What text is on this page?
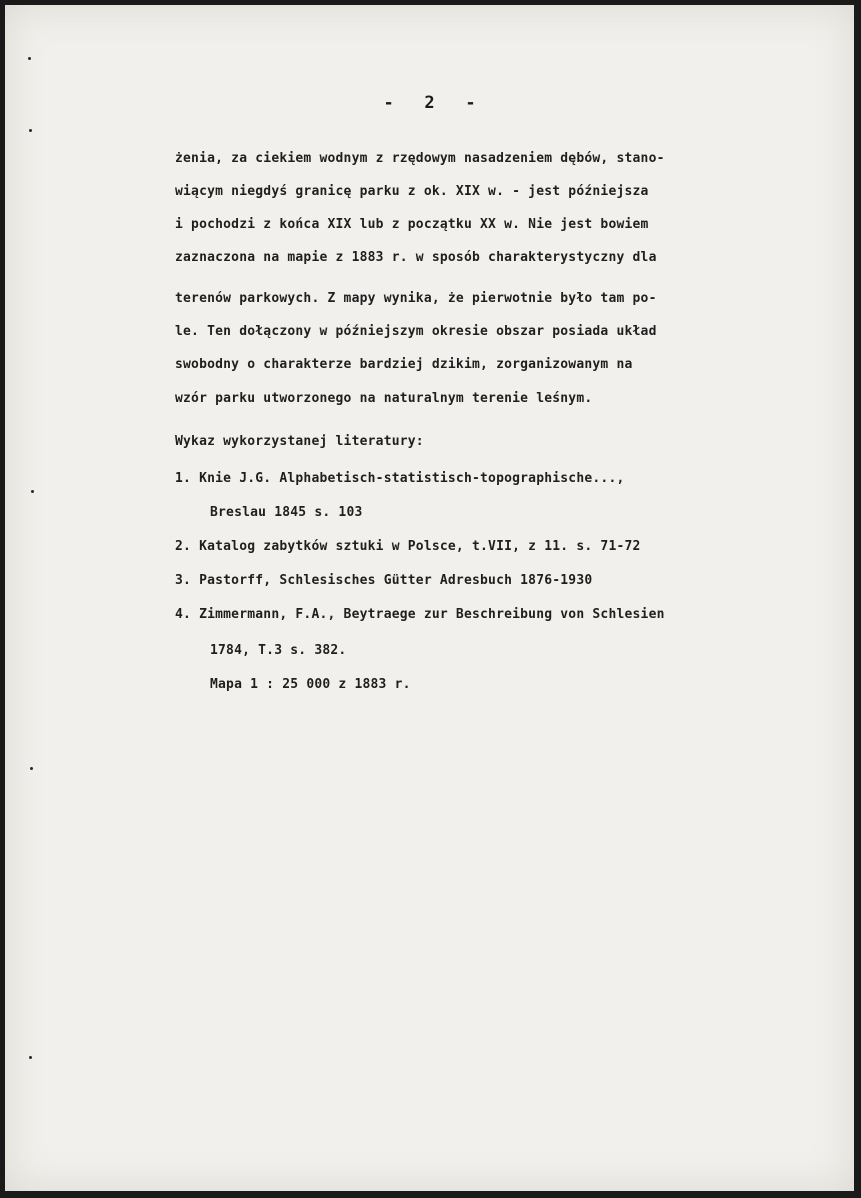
-   2   -
żenia, za ciekiem wodnym z rzędowym nasadzeniem dębów, stano-
wiącym niegdyś granicę parku z ok. XIX w. - jest późniejsza
i pochodzi z końca XIX lub z początku XX w. Nie jest bowiem
zaznaczona na mapie z 1883 r. w sposób charakterystyczny dla
terenów parkowych. Z mapy wynika, że pierwotnie było tam po-
le. Ten dołączony w późniejszym okresie obszar posiada układ
swobodny o charakterze bardziej dzikim, zorganizowanym na
wzór parku utworzonego na naturalnym terenie leśnym.
Wykaz wykorzystanej literatury:
1. Knie J.G. Alphabetisch-statistisch-topographische...,
Breslau 1845 s. 103
2. Katalog zabytków sztuki w Polsce, t.VII, z 11. s. 71-72
3. Pastorff, Schlesisches Gütter Adresbuch 1876-1930
4. Zimmermann, F.A., Beytraege zur Beschreibung von Schlesien
1784, T.3 s. 382.
Mapa 1 : 25 000 z 1883 r.
